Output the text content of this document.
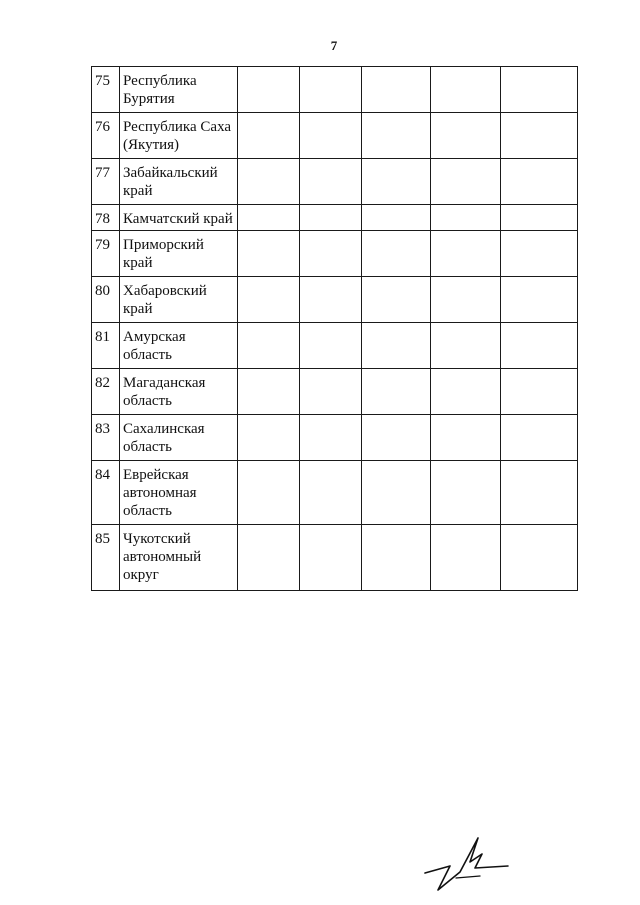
7
75	Республика Бурятия					
76	Республика Саха (Якутия)					
77	Забайкальский край					
78	Камчатский край					
79	Приморский край					
80	Хабаровский край					
81	Амурская область					
82	Магаданская область					
83	Сахалинская область					
84	Еврейская автономная область					
85	Чукотский автономный округ					
